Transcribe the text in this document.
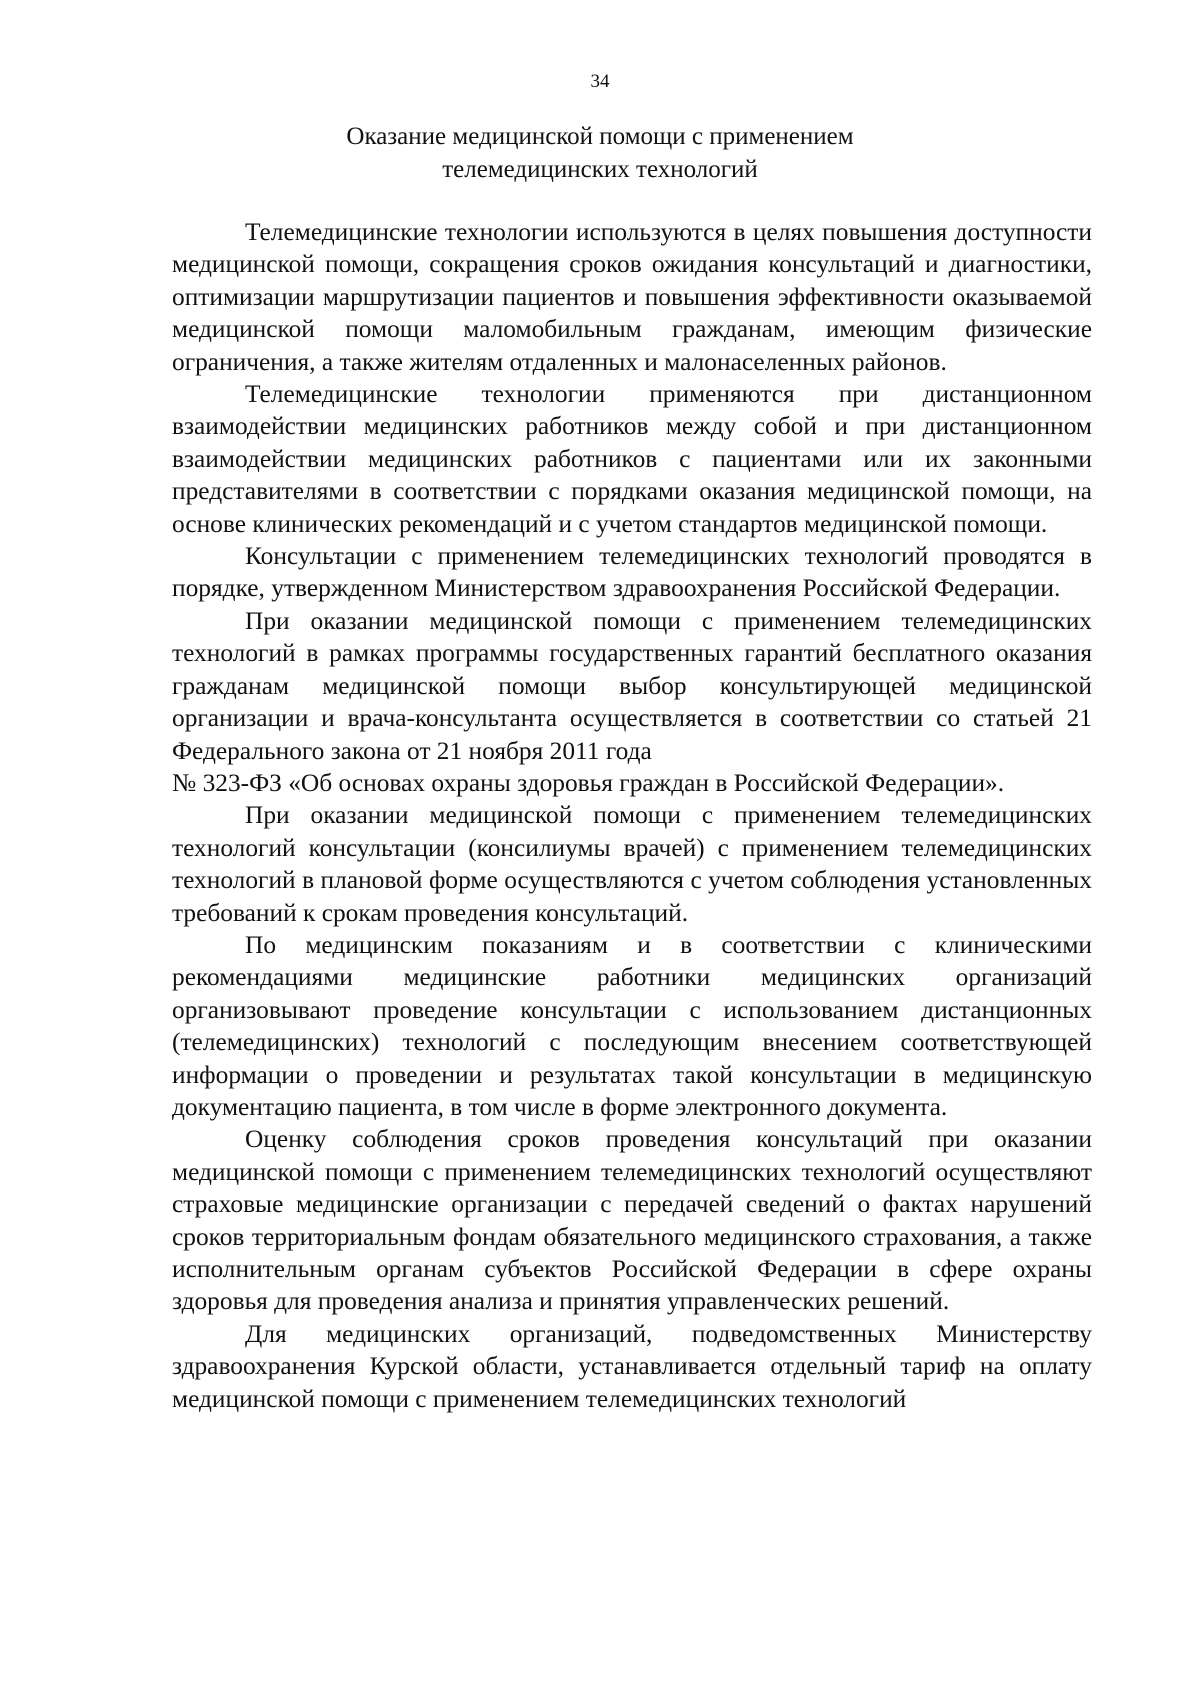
34
Оказание медицинской помощи с применением
телемедицинских технологий

Телемедицинские технологии используются в целях повышения доступности медицинской помощи, сокращения сроков ожидания консультаций и диагностики, оптимизации маршрутизации пациентов и повышения эффективности оказываемой медицинской помощи маломобильным гражданам, имеющим физические ограничения, а также жителям отдаленных и малонаселенных районов.

Телемедицинские технологии применяются при дистанционном взаимодействии медицинских работников между собой и при дистанционном взаимодействии медицинских работников с пациентами или их законными представителями в соответствии с порядками оказания медицинской помощи, на основе клинических рекомендаций и с учетом стандартов медицинской помощи.

Консультации с применением телемедицинских технологий проводятся в порядке, утвержденном Министерством здравоохранения Российской Федерации.

При оказании медицинской помощи с применением телемедицинских технологий в рамках программы государственных гарантий бесплатного оказания гражданам медицинской помощи выбор консультирующей медицинской организации и врача-консультанта осуществляется в соответствии со статьей 21 Федерального закона от 21 ноября 2011 года
№ 323-ФЗ «Об основах охраны здоровья граждан в Российской Федерации».

При оказании медицинской помощи с применением телемедицинских технологий консультации (консилиумы врачей) с применением телемедицинских технологий в плановой форме осуществляются с учетом соблюдения установленных требований к срокам проведения консультаций.

По медицинским показаниям и в соответствии с клиническими рекомендациями медицинские работники медицинских организаций организовывают проведение консультации с использованием дистанционных (телемедицинских) технологий с последующим внесением соответствующей информации о проведении и результатах такой консультации в медицинскую документацию пациента, в том числе в форме электронного документа.

Оценку соблюдения сроков проведения консультаций при оказании медицинской помощи с применением телемедицинских технологий осуществляют страховые медицинские организации с передачей сведений о фактах нарушений сроков территориальным фондам обязательного медицинского страхования, а также исполнительным органам субъектов Российской Федерации в сфере охраны здоровья для проведения анализа и принятия управленческих решений.

Для медицинских организаций, подведомственных Министерству здравоохранения Курской области, устанавливается отдельный тариф на оплату медицинской помощи с применением телемедицинских технологий
